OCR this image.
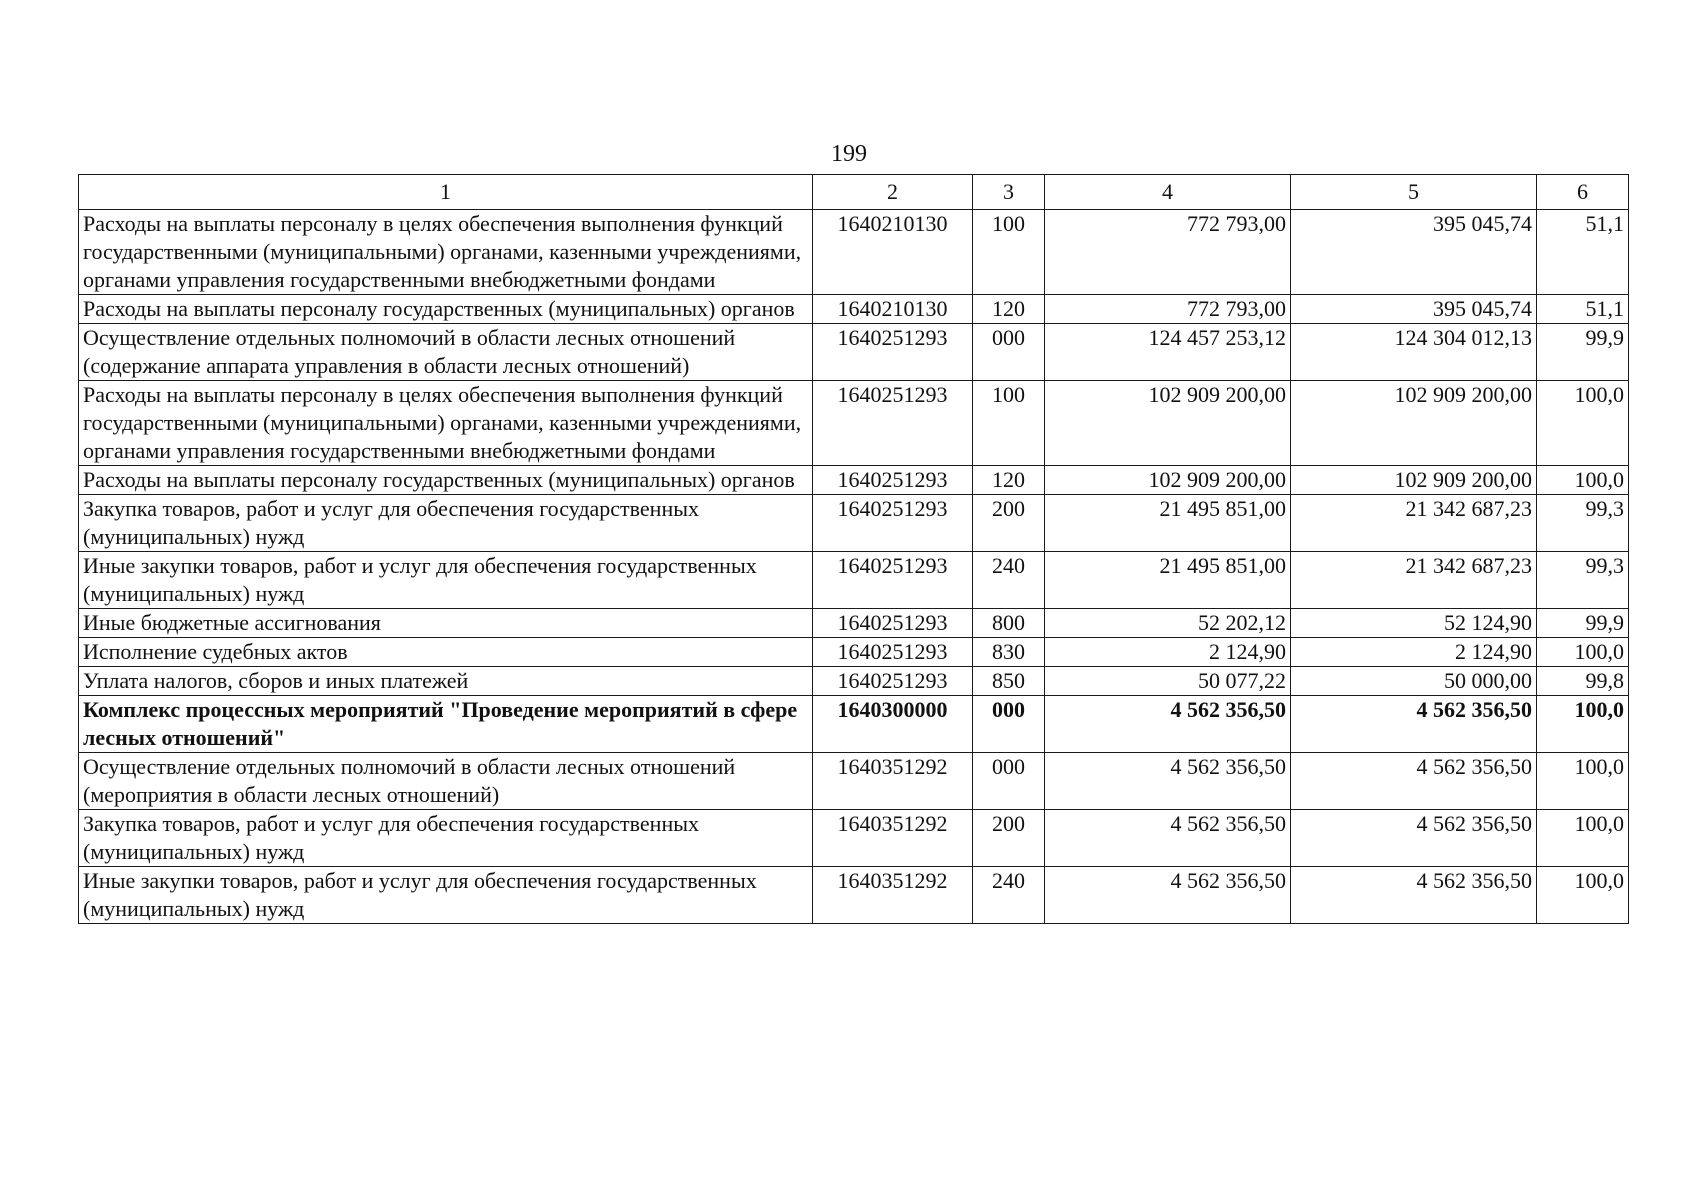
199
1	2	3	4	5	6
Расходы на выплаты персоналу в целях обеспечения выполнения функций государственными (муниципальными) органами, казенными учреждениями, органами управления государственными внебюджетными фондами	1640210130	100	772 793,00	395 045,74	51,1
Расходы на выплаты персоналу государственных (муниципальных) органов	1640210130	120	772 793,00	395 045,74	51,1
Осуществление отдельных полномочий в области лесных отношений (содержание аппарата управления в области лесных отношений)	1640251293	000	124 457 253,12	124 304 012,13	99,9
Расходы на выплаты персоналу в целях обеспечения выполнения функций государственными (муниципальными) органами, казенными учреждениями, органами управления государственными внебюджетными фондами	1640251293	100	102 909 200,00	102 909 200,00	100,0
Расходы на выплаты персоналу государственных (муниципальных) органов	1640251293	120	102 909 200,00	102 909 200,00	100,0
Закупка товаров, работ и услуг для обеспечения государственных (муниципальных) нужд	1640251293	200	21 495 851,00	21 342 687,23	99,3
Иные закупки товаров, работ и услуг для обеспечения государственных (муниципальных) нужд	1640251293	240	21 495 851,00	21 342 687,23	99,3
Иные бюджетные ассигнования	1640251293	800	52 202,12	52 124,90	99,9
Исполнение судебных актов	1640251293	830	2 124,90	2 124,90	100,0
Уплата налогов, сборов и иных платежей	1640251293	850	50 077,22	50 000,00	99,8
Комплекс процессных мероприятий "Проведение мероприятий в сфере лесных отношений"	1640300000	000	4 562 356,50	4 562 356,50	100,0
Осуществление отдельных полномочий в области лесных отношений (мероприятия в области лесных отношений)	1640351292	000	4 562 356,50	4 562 356,50	100,0
Закупка товаров, работ и услуг для обеспечения государственных (муниципальных) нужд	1640351292	200	4 562 356,50	4 562 356,50	100,0
Иные закупки товаров, работ и услуг для обеспечения государственных (муниципальных) нужд	1640351292	240	4 562 356,50	4 562 356,50	100,0
